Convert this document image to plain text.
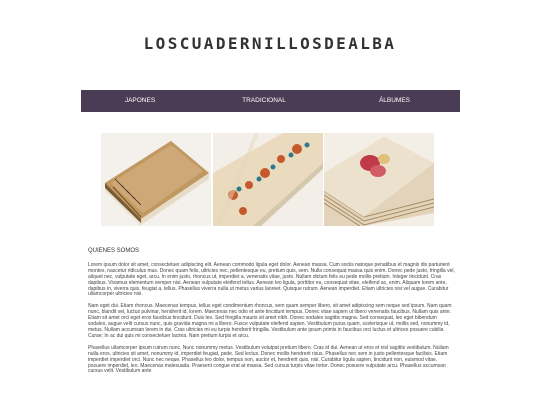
LOSCUADERNILLOSDEALBA
JAPONES	TRADICIONAL	ÁLBUMES
QUIENES SOMOS

Lorem ipsum dolor sit amet, consectetuer adipiscing elit. Aenean commodo ligula eget dolor. Aenean massa. Cum sociis natoque penatibus et magnis dis parturient montes, nascetur ridiculus mus. Donec quam felis, ultricies nec, pellentesque eu, pretium quis, sem. Nulla consequat massa quis enim. Donec pede justo, fringilla vel, aliquet nec, vulputate eget, arcu. In enim justo, rhoncus ut, imperdiet a, venenatis vitae, justo. Nullam dictum felis eu pede mollis pretium. Integer tincidunt. Cras dapibus. Vivamus elementum semper nisi. Aenean vulputate eleifend tellus. Aenean leo ligula, porttitor eu, consequat vitae, eleifend ac, enim. Aliquam lorem ante, dapibus in, viverra quis, feugiat a, tellus. Phasellus viverra nulla ut metus varius laoreet. Quisque rutrum. Aenean imperdiet. Etiam ultricies nisi vel augue. Curabitur ullamcorper ultricies nisi.

Nam eget dui. Etiam rhoncus. Maecenas tempus, tellus eget condimentum rhoncus, sem quam semper libero, sit amet adipiscing sem neque sed ipsum. Nam quam nunc, blandit vel, luctus pulvinar, hendrerit id, lorem. Maecenas nec odio et ante tincidunt tempus. Donec vitae sapien ut libero venenatis faucibus. Nullam quis ante. Etiam sit amet orci eget eros faucibus tincidunt. Duis leo. Sed fringilla mauris sit amet nibh. Donec sodales sagittis magna. Sed consequat, leo eget bibendum sodales, augue velit cursus nunc, quis gravida magna mi a libero. Fusce vulputate eleifend sapien. Vestibulum purus quam, scelerisque ut, mollis sed, nonummy id, metus. Nullam accumsan lorem in dui. Cras ultricies mi eu turpis hendrerit fringilla. Vestibulum ante ipsum primis in faucibus orci luctus et ultrices posuere cubilia Curae; In ac dui quis mi consectetuer lacinia. Nam pretium turpis et arcu.

Phasellus ullamcorper ipsum rutrum nunc. Nunc nonummy metus. Vestibulum volutpat pretium libero. Cras id dui. Aenean ut eros et nisl sagittis vestibulum. Nullam nulla eros, ultricies sit amet, nonummy id, imperdiet feugiat, pede. Sed lectus. Donec mollis hendrerit risus. Phasellus nec sem in justo pellentesque facilisis. Etiam imperdiet imperdiet orci. Nunc nec neque. Phasellus leo dolor, tempus non, auctor et, hendrerit quis, nisi. Curabitur ligula sapien, tincidunt non, euismod vitae, posuere imperdiet, leo. Maecenas malesuada. Praesent congue erat at massa. Sed cursus turpis vitae tortor. Donec posuere vulputate arcu. Phasellus accumsan cursus velit. Vestibulum ante
